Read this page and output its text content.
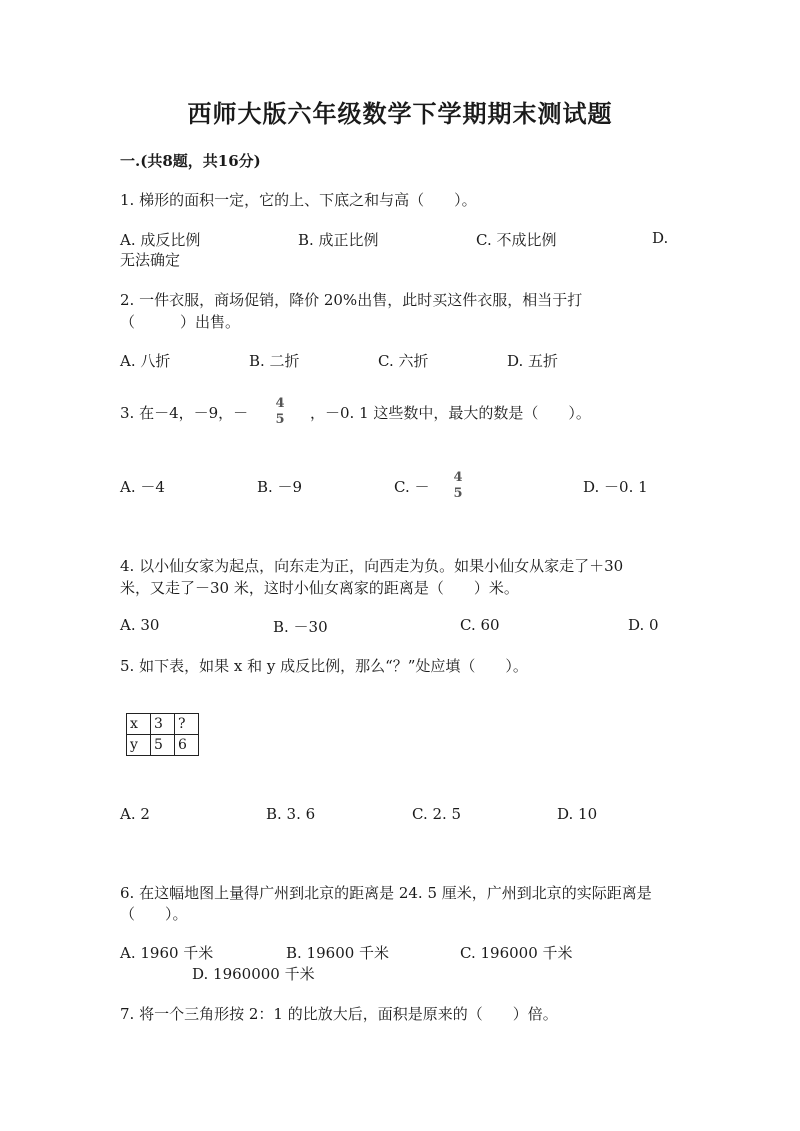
西师大版六年级数学下学期期末测试题
一.(共8题，共16分)
1. 梯形的面积一定，它的上、下底之和与高（　　）。
A. 成反比例	B. 成正比例	C. 不成比例	D.
无法确定
2. 一件衣服，商场促销，降价 20%出售，此时买这件衣服，相当于打
（　　　）出售。
A. 八折	B. 二折	C. 六折	D. 五折
3. 在－4，－9，－
4
5 ，－0. 1 这些数中，最大的数是（　　）。
A. －4	B. －9	C. －
4
5	D. －0. 1
4. 以小仙女家为起点，向东走为正，向西走为负。如果小仙女从家走了＋30
米，又走了－30 米，这时小仙女离家的距离是（　　）米。
A. 30	B. －30	C. 60	D. 0
5. 如下表，如果 x 和 y 成反比例，那么“？”处应填（　　）。
x	3	?
y	5	6
A. 2	B. 3. 6	C. 2. 5	D. 10
6. 在这幅地图上量得广州到北京的距离是 24. 5 厘米，广州到北京的实际距离是
（　　）。
A. 1960 千米	B. 19600 千米	C. 196000 千米
D. 1960000 千米
7. 将一个三角形按 2：1 的比放大后，面积是原来的（　　）倍。
